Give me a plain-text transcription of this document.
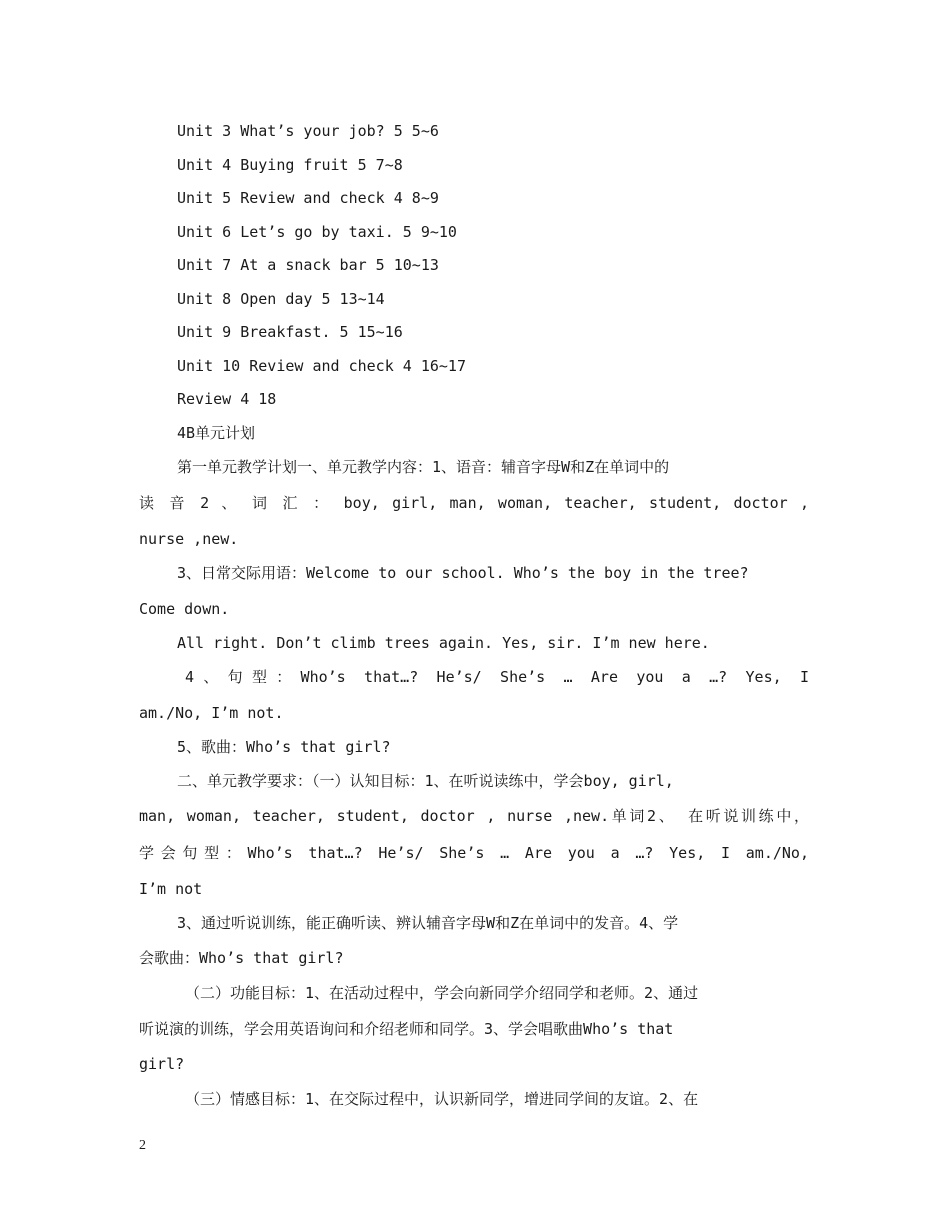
Unit 3 What’s your job? 5 5~6
Unit 4 Buying fruit 5 7~8
Unit 5 Review and check 4 8~9
Unit 6 Let’s go by taxi. 5 9~10
Unit 7 At a snack bar 5 10~13
Unit 8 Open day 5 13~14
Unit 9 Breakfast. 5 15~16
Unit 10 Review and check 4 16~17
Review 4 18
4B单元计划
第一单元教学计划一、单元教学内容：1、语音：辅音字母W和Z在单词中的
读 音 2 、 词 汇 ： boy, girl, man, woman, teacher, student, doctor ,
nurse ,new.
3、日常交际用语：Welcome to our school. Who’s the boy in the tree?
Come down.
All right. Don’t climb trees again. Yes, sir. I’m new here.
4、句型：Who’s that…? He’s/ She’s … Are you a …? Yes, I
am./No, I’m not.
5、歌曲：Who’s that girl?
二、单元教学要求：（一）认知目标：1、在听说读练中，学会boy, girl,
man, woman, teacher, student, doctor , nurse ,new.单词2、 在听说训练中，
学会句型：Who’s that…? He’s/ She’s … Are you a …? Yes, I am./No,
I’m not
3、通过听说训练，能正确听读、辨认辅音字母W和Z在单词中的发音。4、学
会歌曲：Who’s that girl?
（二）功能目标：1、在活动过程中，学会向新同学介绍同学和老师。2、通过
听说演的训练，学会用英语询问和介绍老师和同学。3、学会唱歌曲Who’s that
girl?
（三）情感目标：1、在交际过程中，认识新同学，增进同学间的友谊。2、在
2
